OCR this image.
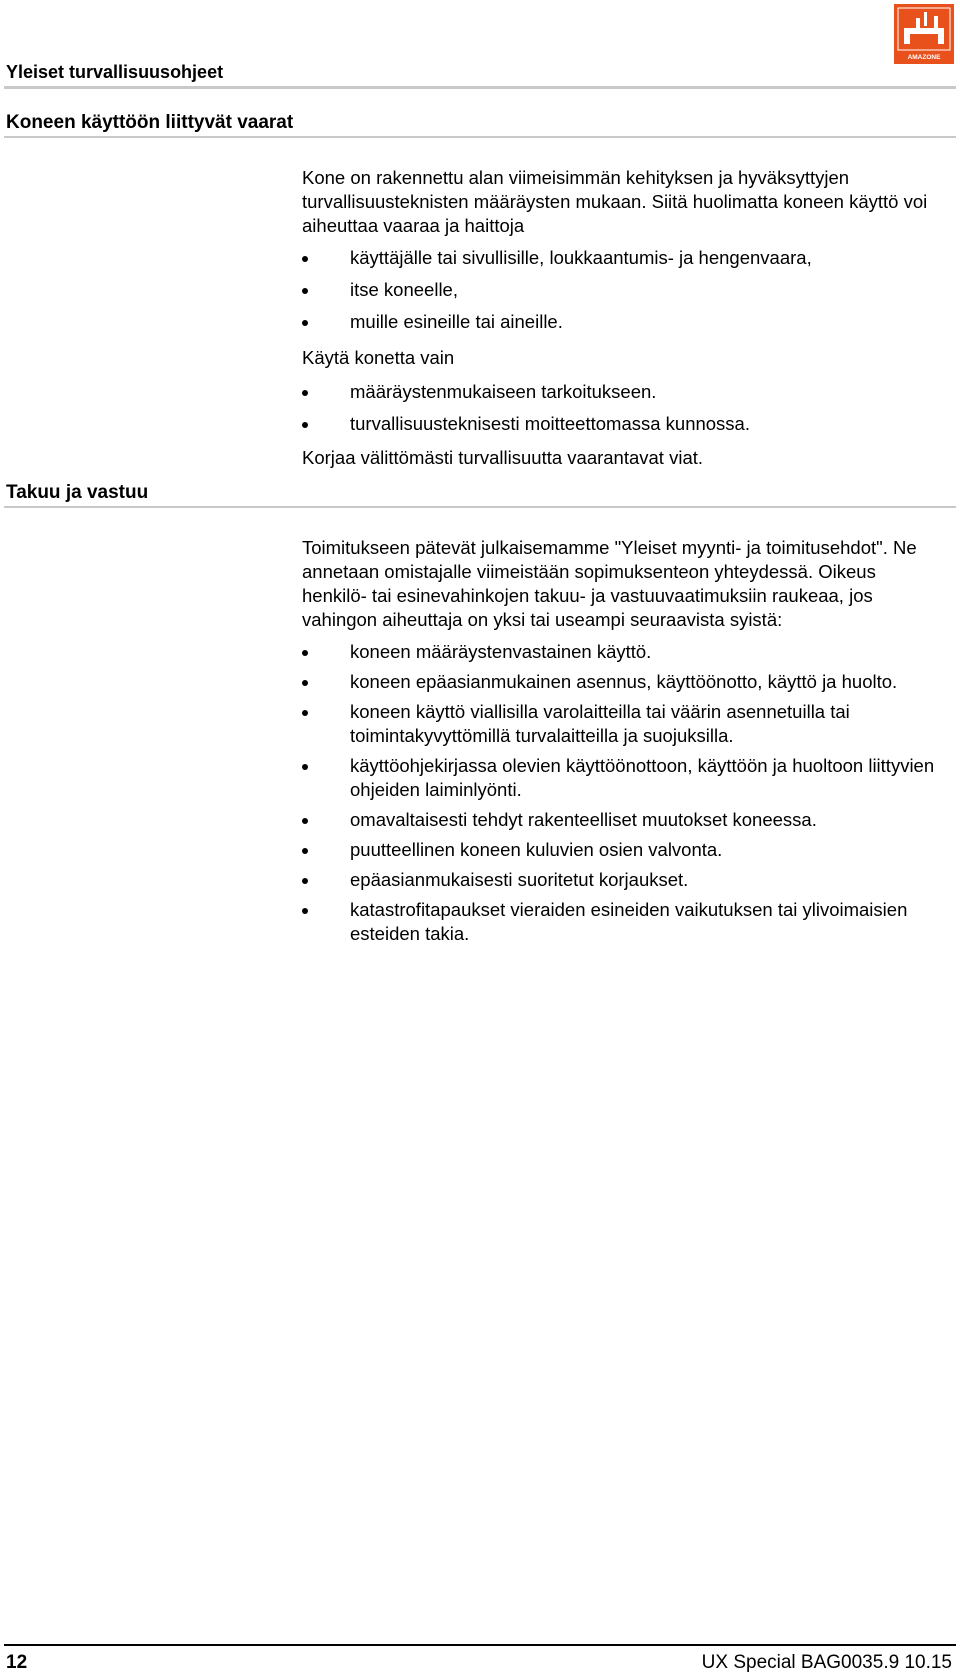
Yleiset turvallisuusohjeet
AMAZONE
Koneen käyttöön liittyvät vaarat

Kone on rakennettu alan viimeisimmän kehityksen ja hyväksyttyjen turvallisuusteknisten määräysten mukaan. Siitä huolimatta koneen käyttö voi aiheuttaa vaaraa ja haittoja

käyttäjälle tai sivullisille, loukkaantumis- ja hengenvaara,
itse koneelle,
muille esineille tai aineille.

Käytä konetta vain

määräystenmukaiseen tarkoitukseen.
turvallisuusteknisesti moitteettomassa kunnossa.

Korjaa välittömästi turvallisuutta vaarantavat viat.

Takuu ja vastuu

Toimitukseen pätevät julkaisemamme "Yleiset myynti- ja toimitusehdot". Ne annetaan omistajalle viimeistään sopimuksenteon yhteydessä. Oikeus henkilö- tai esinevahinkojen takuu- ja vastuuvaatimuksiin raukeaa, jos vahingon aiheuttaja on yksi tai useampi seuraavista syistä:

koneen määräystenvastainen käyttö.
koneen epäasianmukainen asennus, käyttöönotto, käyttö ja huolto.
koneen käyttö viallisilla varolaitteilla tai väärin asennetuilla tai toimintakyvyttömillä turvalaitteilla ja suojuksilla.
käyttöohjekirjassa olevien käyttöönottoon, käyttöön ja huoltoon liittyvien ohjeiden laiminlyönti.
omavaltaisesti tehdyt rakenteelliset muutokset koneessa.
puutteellinen koneen kuluvien osien valvonta.
epäasianmukaisesti suoritetut korjaukset.
katastrofitapaukset vieraiden esineiden vaikutuksen tai ylivoimaisien esteiden takia.
12	UX Special BAG0035.9 10.15
